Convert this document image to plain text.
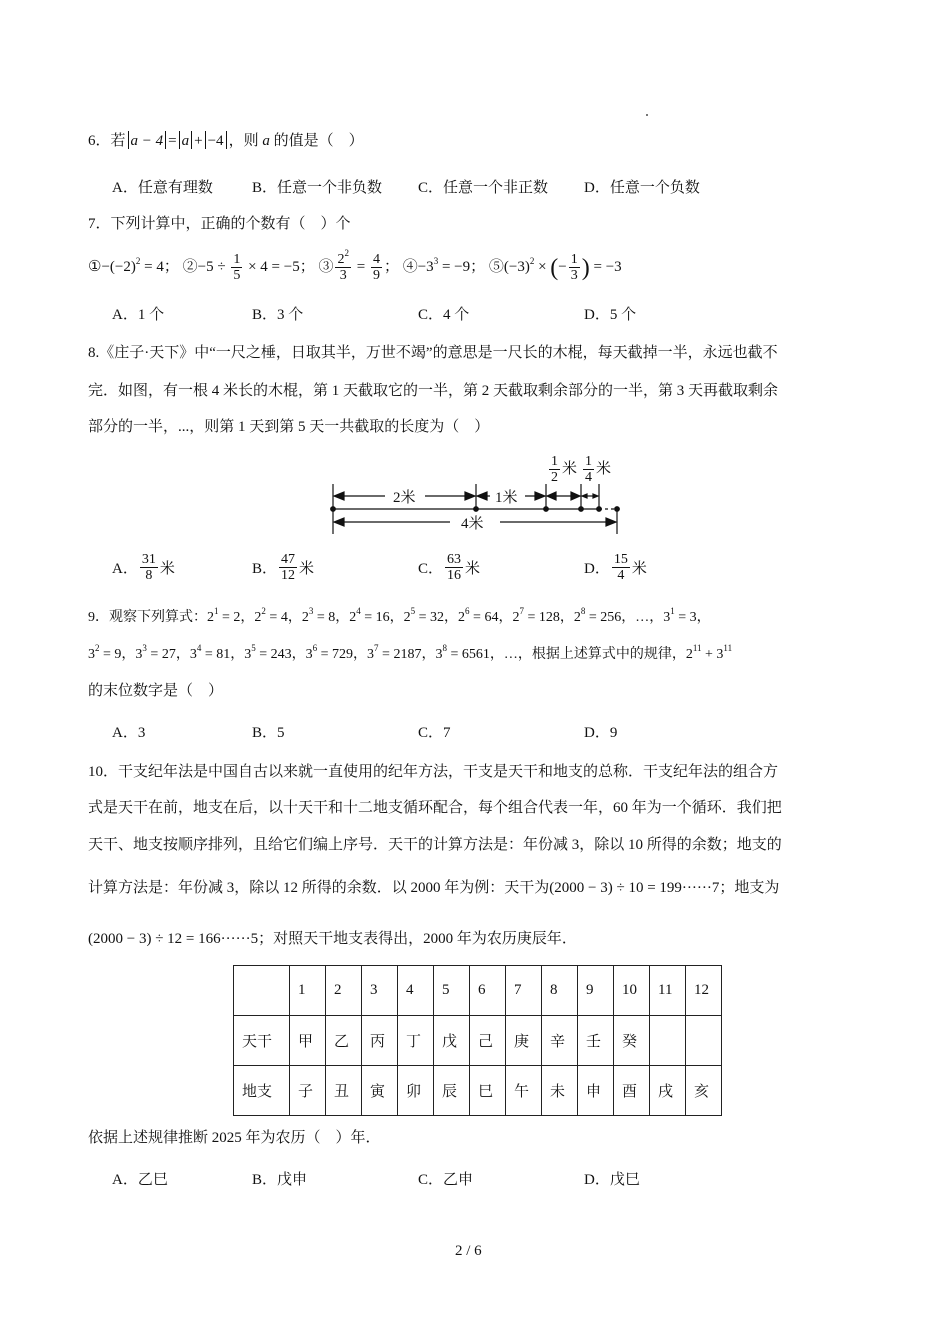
6．若 a − 4 = a + −4 ，则 a 的值是（　）
A．任意有理数	B．任意一个非负数 C．任意一个非正数 D．任意一个负数
7．下列计算中，正确的个数有（　）个
$①-(-2)^2 = 4$； ②−5 ÷ $\frac{1}{5} \times 4 = -5$； ③ $\frac{2^2}{3} = \frac{4}{9}$ ； $④-3^3 = -9$； $⑤(-3)^2$ × (− $\frac{1}{3}$ ) = −3
A．1 个	B．3 个	C．4 个	D．5 个
8.《庄子·天下》中“一尺之棰，日取其半，万世不竭”的意思是一尺长的木棍，每天截掉一半，永远也截不
完．如图，有一根 4 米长的木棍，第 1 天截取它的一半，第 2 天截取剩余部分的一半，第 3 天再截取剩余
部分的一半，...，则第 1 天到第 5 天一共截取的长度为（　）
2米	1米
$\frac{1}{2}$ 米 $\frac{1}{4}$ 米
4米
A． $\frac{31}{8}$ 米	B． $\frac{47}{12}$ 米	C． $\frac{63}{16}$ 米	D． $\frac{15}{4}$ 米
9．观察下列算式：$2^1 = 2$，$2^2 = 4$，$2^3 = 8$，$2^4 = 16$，$2^5 = 32$，$2^6 = 64$，$2^7 = 128$，$2^8 = 256$，…，$3^1 = 3$，
$3^2 = 9$，$3^3 = 27$，$3^4 = 81$，$3^5 = 243$，$3^6 = 729$，$3^7 = 2187$，$3^8 = 6561$，…，根据上述算式中的规律，$2^{11} + 3^{11}$
的末位数字是（　）
A．3	B．5	C．7	D．9
10．干支纪年法是中国自古以来就一直使用的纪年方法，干支是天干和地支的总称．干支纪年法的组合方
式是天干在前，地支在后，以十天干和十二地支循环配合，每个组合代表一年，60 年为一个循环．我们把
天干、地支按顺序排列，且给它们编上序号．天干的计算方法是：年份减 3，除以 10 所得的余数；地支的
计算方法是：年份减 3，除以 12 所得的余数．以 2000 年为例：天干为(2000 − 3) ÷ 10 = 199······7；地支为
(2000 − 3) ÷ 12 = 166······5；对照天干地支表得出，2000 年为农历庚辰年．
	1	2	3	4	5	6	7	8	9	10	11	12
天干	甲	乙	丙	丁	戊	己	庚	辛	壬	癸		
地支	子	丑	寅	卯	辰	巳	午	未	申	酉	戌	亥
依据上述规律推断 2025 年为农历（　）年．
A．乙巳	B．戊申	C．乙申	D．戊巳
2 / 6
